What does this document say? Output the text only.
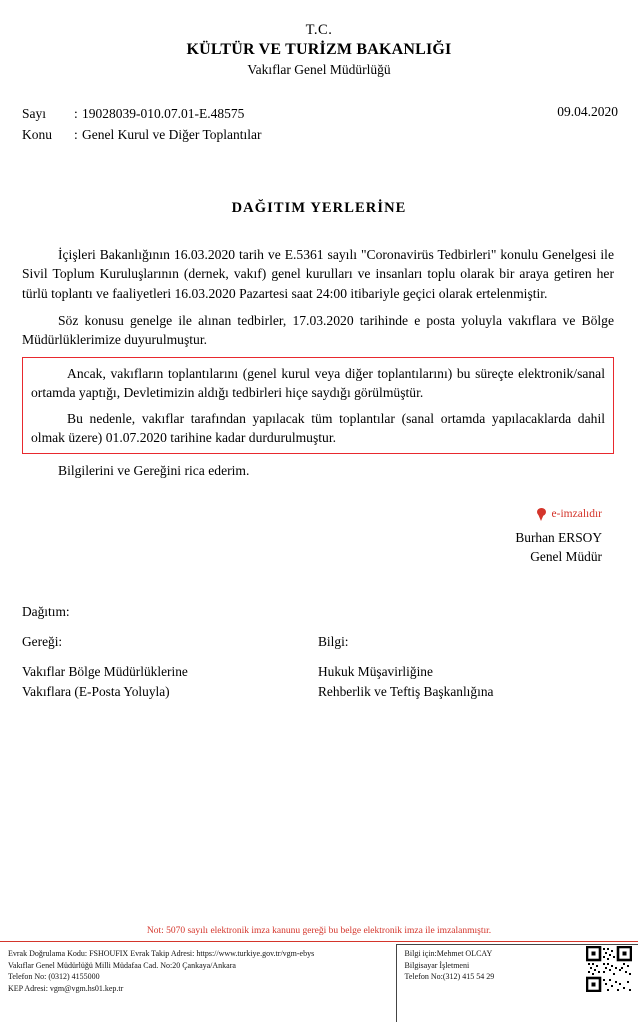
T.C.
KÜLTÜR VE TURİZM BAKANLIĞI
Vakıflar Genel Müdürlüğü
09.04.2020
Sayı	: 19028039-010.07.01-E.48575
Konu	: Genel Kurul ve Diğer Toplantılar
DAĞITIM YERLERİNE

İçişleri Bakanlığının 16.03.2020 tarih ve E.5361 sayılı "Coronavirüs Tedbirleri" konulu Genelgesi ile Sivil Toplum Kuruluşlarının (dernek, vakıf) genel kurulları ve insanları toplu olarak bir araya getiren her türlü toplantı ve faaliyetleri 16.03.2020 Pazartesi saat 24:00 itibariyle geçici olarak ertelenmiştir.

Söz konusu genelge ile alınan tedbirler, 17.03.2020 tarihinde e posta yoluyla vakıflara ve Bölge Müdürlüklerimize duyurulmuştur.

Ancak, vakıfların toplantılarını (genel kurul veya diğer toplantılarını) bu süreçte elektronik/sanal ortamda yaptığı, Devletimizin aldığı tedbirleri hiçe saydığı görülmüştür.

Bu nedenle, vakıflar tarafından yapılacak tüm toplantılar (sanal ortamda yapılacaklarda dahil olmak üzere) 01.07.2020 tarihine kadar durdurulmuştur.

Bilgilerini ve Gereğini rica ederim.

e-imzalıdır
Burhan ERSOY
Genel Müdür
Dağıtım:
Gereği:
Vakıflar Bölge Müdürlüklerine
Vakıflara (E-Posta Yoluyla)
Bilgi:
Hukuk Müşavirliğine
Rehberlik ve Teftiş Başkanlığına
Not: 5070 sayılı elektronik imza kanunu gereği bu belge elektronik imza ile imzalanmıştır.
Evrak Doğrulama Kodu: FSHOUFIX Evrak Takip Adresi: https://www.turkiye.gov.tr/vgm-ebys
Vakıflar Genel Müdürlüğü Milli Müdafaa Cad. No:20 Çankaya/Ankara
Telefon No: (0312) 4155000
KEP Adresi: vgm@vgm.hs01.kep.tr
Bilgi için:Mehmet OLCAY
Bilgisayar İşletmeni
Telefon No:(312) 415 54 29
